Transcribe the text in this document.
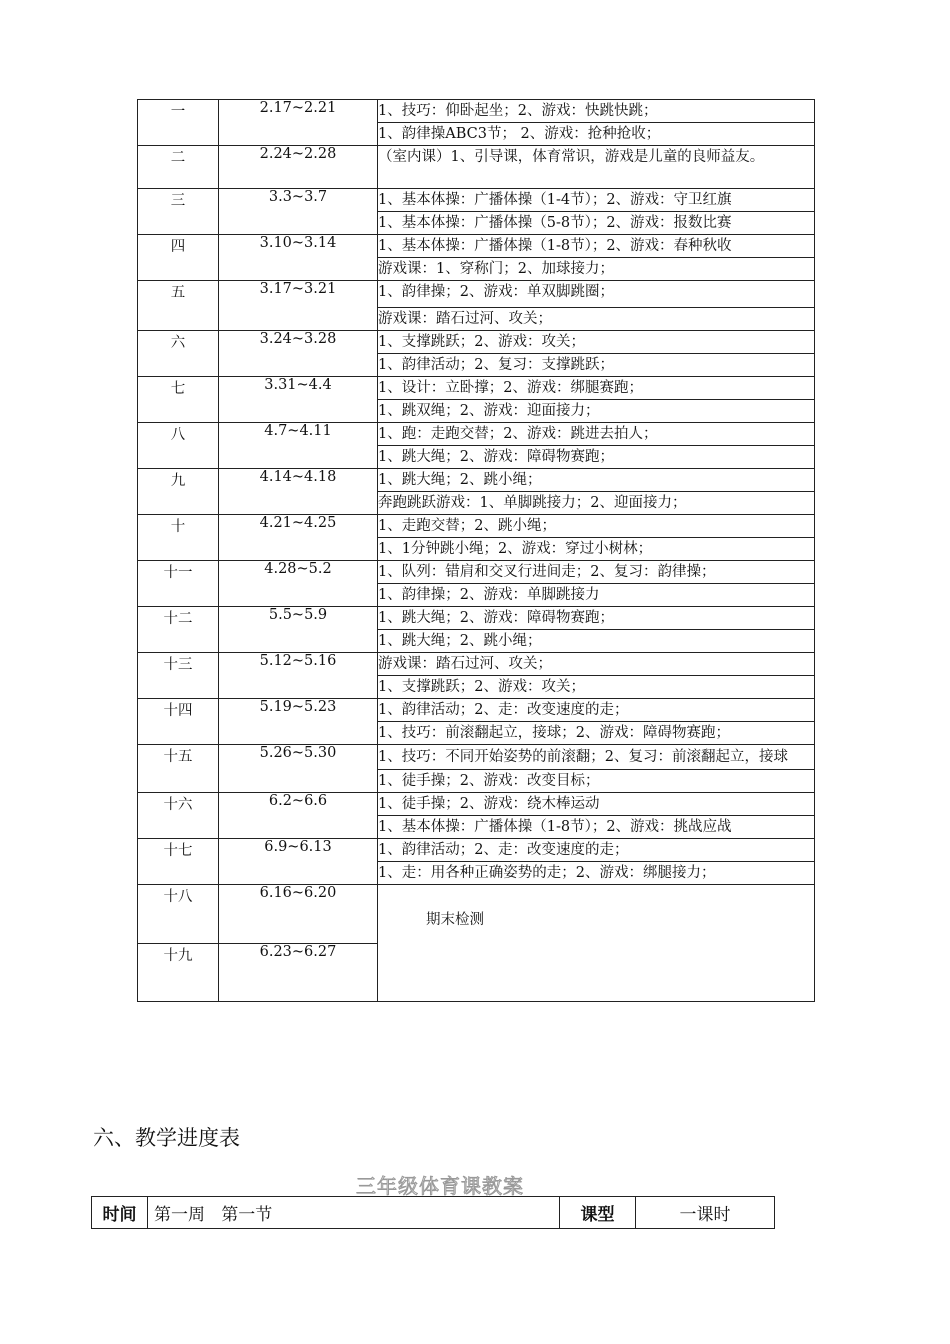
一	2.17~2.21	1、技巧：仰卧起坐；2、游戏：快跳快跳；
		1、韵律操ABC3节； 2、游戏：抢种抢收；
二	2.24~2.28	（室内课）1、引导课，体育常识，游戏是儿童的良师益友。
三	3.3~3.7	1、基本体操：广播体操（1-4节）；2、游戏：守卫红旗
		1、基本体操：广播体操（5-8节）；2、游戏：报数比赛
四	3.10~3.14	1、基本体操：广播体操（1-8节）；2、游戏：春种秋收
		游戏课：1、穿称门；2、加球接力；
五	3.17~3.21	1、韵律操；2、游戏：单双脚跳圈；
		游戏课：踏石过河、攻关；
六	3.24~3.28	1、支撑跳跃；2、游戏：攻关；
		1、韵律活动；2、复习：支撑跳跃；
七	3.31~4.4	1、设计：立卧撑；2、游戏：绑腿赛跑；
		1、跳双绳；2、游戏：迎面接力；
八	4.7~4.11	1、跑：走跑交替；2、游戏：跳进去拍人；
		1、跳大绳；2、游戏：障碍物赛跑；
九	4.14~4.18	1、跳大绳；2、跳小绳；
		奔跑跳跃游戏：1、单脚跳接力；2、迎面接力；
十	4.21~4.25	1、走跑交替；2、跳小绳；
		1、1分钟跳小绳；2、游戏：穿过小树林；
十一	4.28~5.2	1、队列：错肩和交叉行进间走；2、复习：韵律操；
		1、韵律操；2、游戏：单脚跳接力
十二	5.5~5.9	1、跳大绳；2、游戏：障碍物赛跑；
		1、跳大绳；2、跳小绳；
十三	5.12~5.16	游戏课：踏石过河、攻关；
		1、支撑跳跃；2、游戏：攻关；
十四	5.19~5.23	1、韵律活动；2、走：改变速度的走；
		1、技巧：前滚翻起立，接球；2、游戏：障碍物赛跑；
十五	5.26~5.30	1、技巧：不同开始姿势的前滚翻；2、复习：前滚翻起立，接球
		1、徒手操；2、游戏：改变目标；
十六	6.2~6.6	1、徒手操；2、游戏：绕木棒运动
		1、基本体操：广播体操（1-8节）；2、游戏：挑战应战
十七	6.9~6.13	1、韵律活动；2、走：改变速度的走；
		1、走：用各种正确姿势的走；2、游戏：绑腿接力；
十八	6.16~6.20	期末检测
十九	6.23~6.27	
六、教学进度表
三年级体育课教案
时间	第一周   第一节	课型	一课时
